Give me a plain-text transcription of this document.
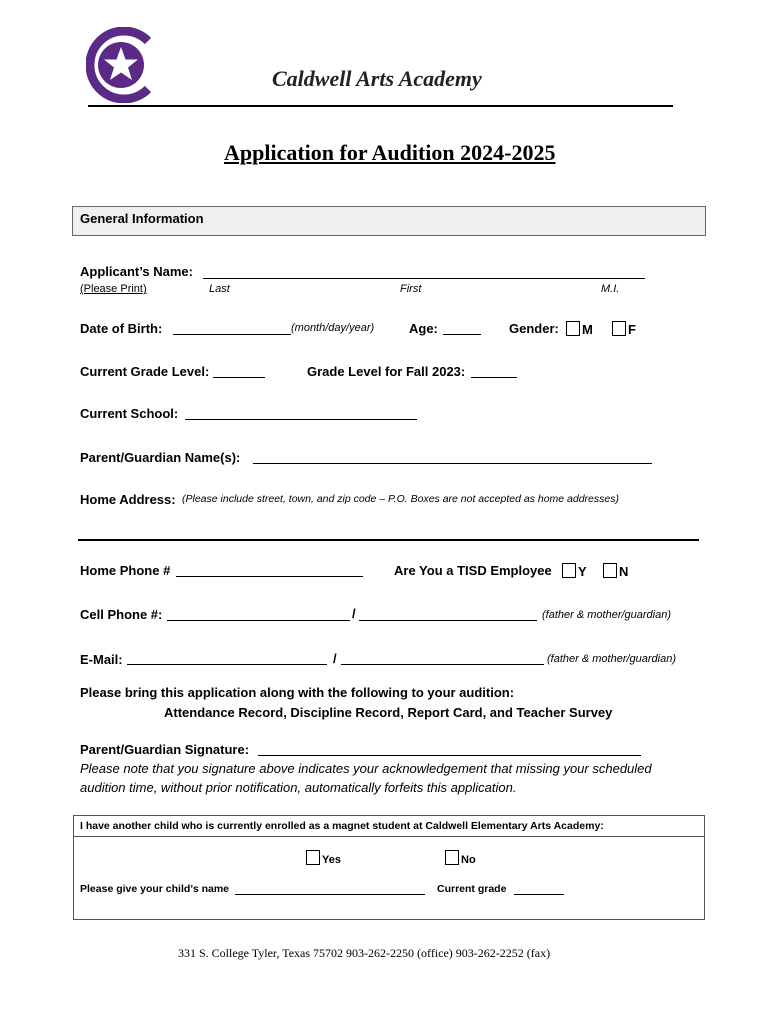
Caldwell Arts Academy
Application for Audition 2024-2025
General Information
Applicant’s Name:
(Please Print)	Last	First	M.I.
Date of Birth:	(month/day/year)	Age:	Gender:	M	F
Current Grade Level:	Grade Level for Fall 2023:
Current School:
Parent/Guardian Name(s):
Home Address: (Please include street, town, and zip code – P.O. Boxes are not accepted as home addresses)
Home Phone #	Are You a TISD Employee	Y	N
Cell Phone #:	/	(father & mother/guardian)
E-Mail:	/	(father & mother/guardian)
Please bring this application along with the following to your audition:
Attendance Record, Discipline Record, Report Card, and Teacher Survey
Parent/Guardian Signature:
Please note that you signature above indicates your acknowledgement that missing your scheduled
audition time, without prior notification, automatically forfeits this application.
I have another child who is currently enrolled as a magnet student at Caldwell Elementary Arts Academy:
Yes	No
Please give your child’s name	Current grade
331 S. College Tyler, Texas 75702 903-262-2250 (office) 903-262-2252 (fax)
